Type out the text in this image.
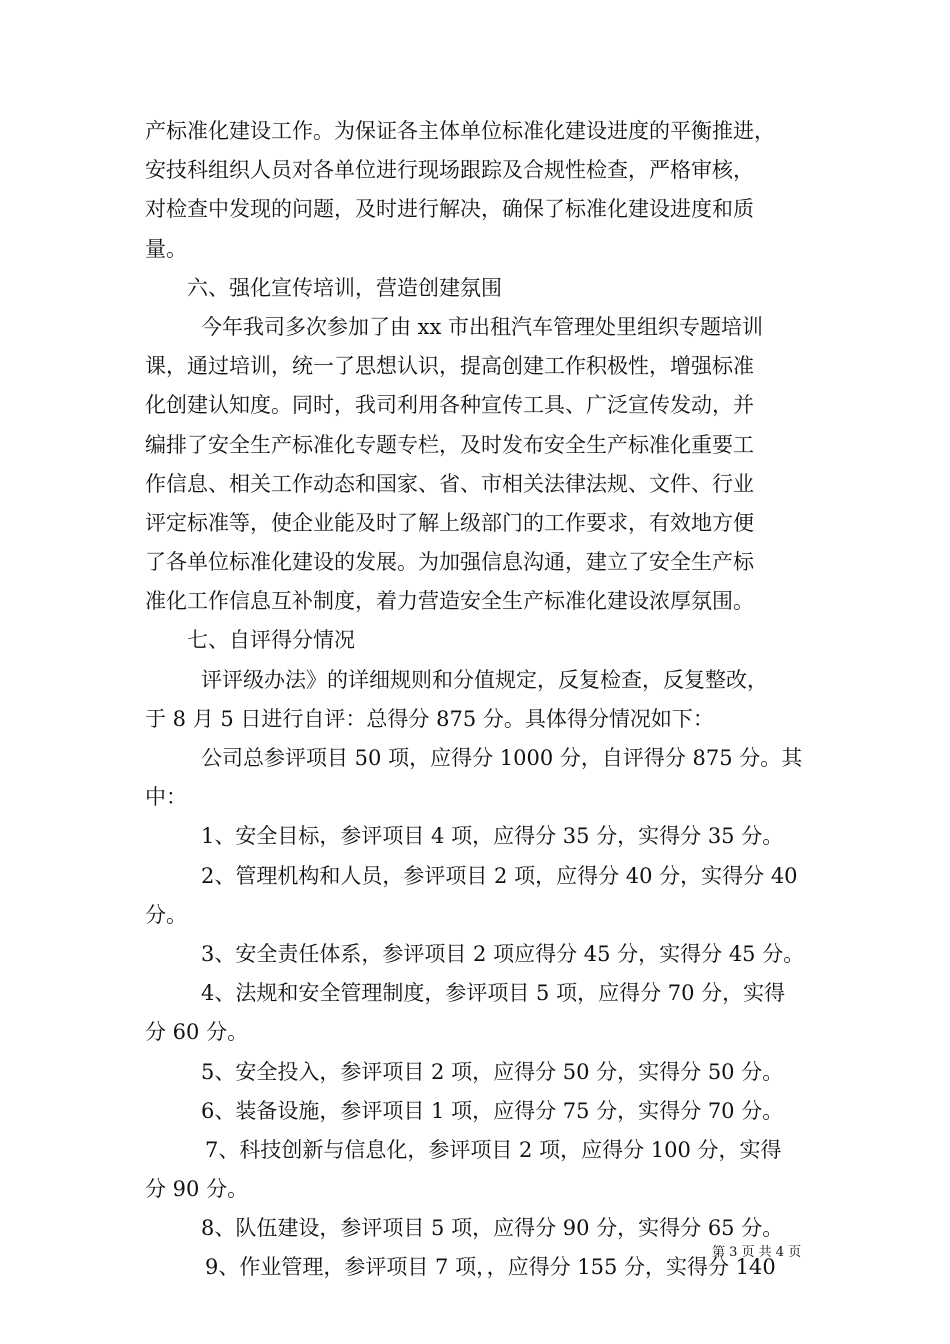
产标准化建设工作。为保证各主体单位标准化建设进度的平衡推进，
安技科组织人员对各单位进行现场跟踪及合规性检查，严格审核，
对检查中发现的问题，及时进行解决，确保了标准化建设进度和质
量。
六、强化宣传培训，营造创建氛围
今年我司多次参加了由 xx 市出租汽车管理处里组织专题培训
课，通过培训，统一了思想认识，提高创建工作积极性，增强标准
化创建认知度。同时，我司利用各种宣传工具、广泛宣传发动，并
编排了安全生产标准化专题专栏，及时发布安全生产标准化重要工
作信息、相关工作动态和国家、省、市相关法律法规、文件、行业
评定标准等，使企业能及时了解上级部门的工作要求，有效地方便
了各单位标准化建设的发展。为加强信息沟通，建立了安全生产标
准化工作信息互补制度，着力营造安全生产标准化建设浓厚氛围。
七、自评得分情况
评评级办法》的详细规则和分值规定，反复检查，反复整改，
于 8 月 5 日进行自评：总得分 875 分。具体得分情况如下：
公司总参评项目 50 项，应得分 1000 分，自评得分 875 分。其
中：
1、安全目标，参评项目 4 项，应得分 35 分，实得分 35 分。
2、管理机构和人员，参评项目 2 项，应得分 40 分，实得分 40
分。
3、安全责任体系，参评项目 2 项应得分 45 分，实得分 45 分。
4、法规和安全管理制度，参评项目 5 项，应得分 70 分，实得
分 60 分。
5、安全投入，参评项目 2 项，应得分 50 分，实得分 50 分。
6、装备设施，参评项目 1 项，应得分 75 分，实得分 70 分。
7、科技创新与信息化，参评项目 2 项，应得分 100 分，实得
分 90 分。
8、队伍建设，参评项目 5 项，应得分 90 分，实得分 65 分。
9、作业管理，参评项目 7 项，，应得分 155 分，实得分 140
第 3 页 共 4 页
